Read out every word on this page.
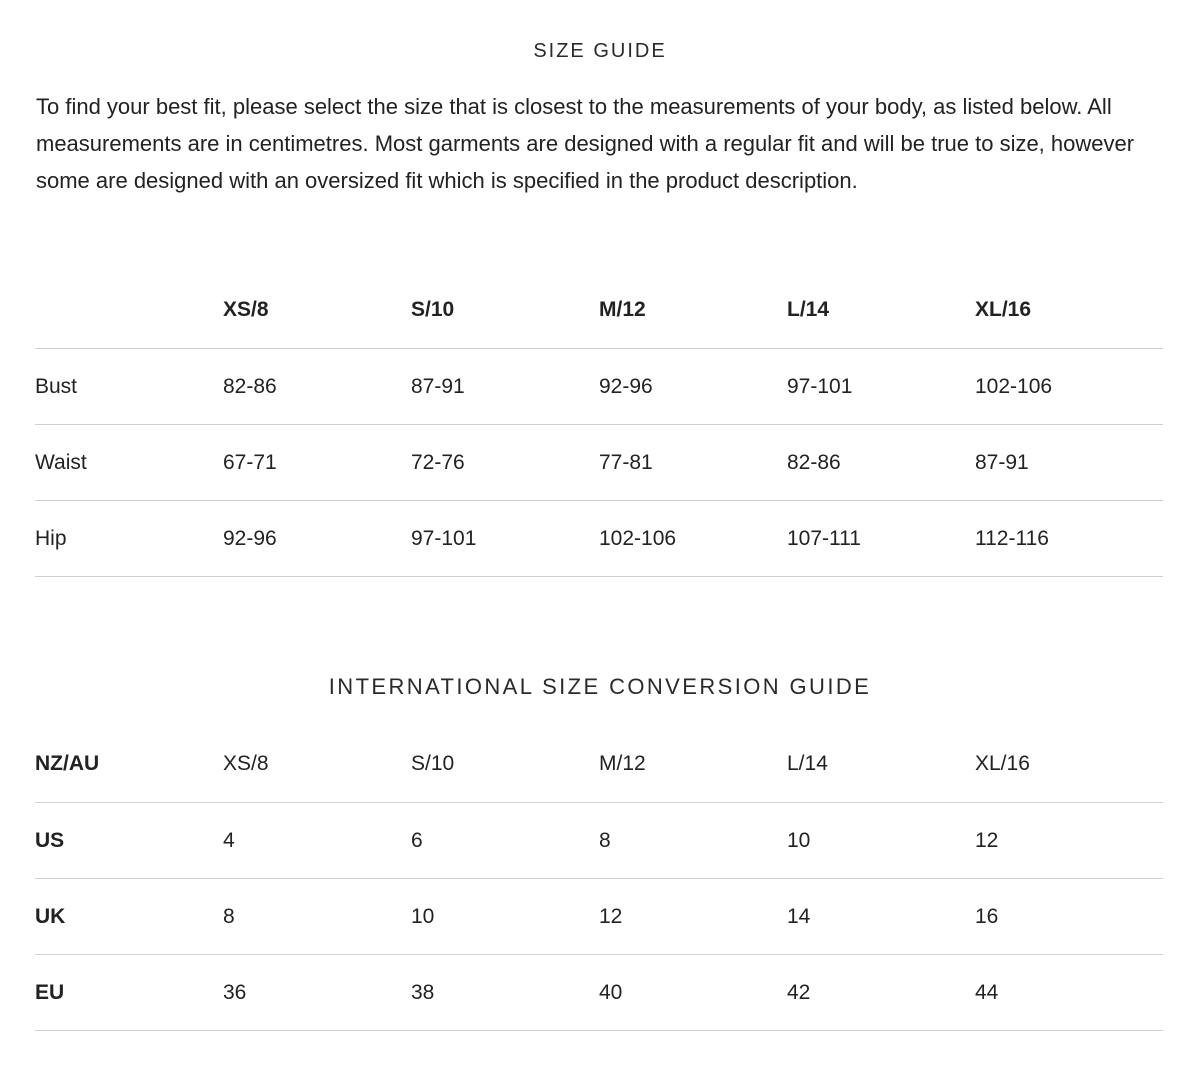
SIZE GUIDE

To find your best fit, please select the size that is closest to the measurements of your body, as listed below. All measurements are in centimetres. Most garments are designed with a regular fit and will be true to size, however some are designed with an oversized fit which is specified in the product description.

	XS/8	S/10	M/12	L/14	XL/16
Bust	82-86	87-91	92-96	97-101	102-106
Waist	67-71	72-76	77-81	82-86	87-91
Hip	92-96	97-101	102-106	107-111	112-116
INTERNATIONAL SIZE CONVERSION GUIDE
NZ/AU	XS/8	S/10	M/12	L/14	XL/16
US	4	6	8	10	12
UK	8	10	12	14	16
EU	36	38	40	42	44
